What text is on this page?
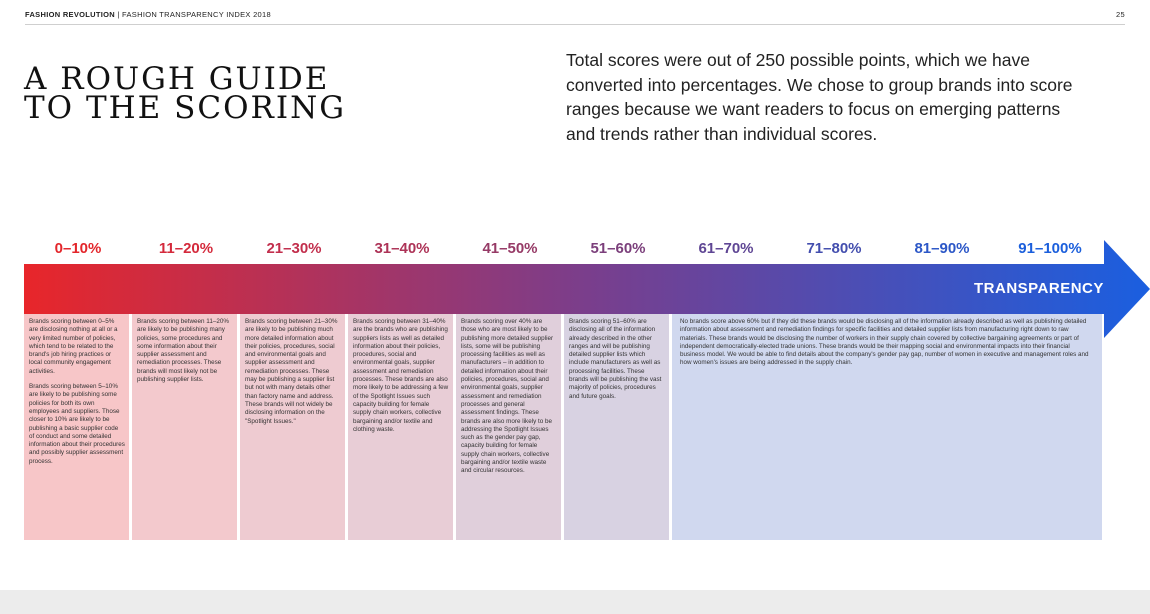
FASHION REVOLUTION | FASHION TRANSPARENCY INDEX 2018	25
A ROUGH GUIDE
TO THE SCORING
Total scores were out of 250 possible points, which we have converted into percentages. We chose to group brands into score ranges because we want readers to focus on emerging patterns and trends rather than individual scores.
0–10%	11–20%	21–30%	31–40%	41–50%	51–60%	61–70%	71–80%	81–90%	91–100%
TRANSPARENCY

Brands scoring between 0–5% are disclosing nothing at all or a very limited number of policies, which tend to be related to the brand's job hiring practices or local community engagement activities.

Brands scoring between 5–10% are likely to be publishing some policies for both its own employees and suppliers. Those closer to 10% are likely to be publishing a basic supplier code of conduct and some detailed information about their procedures and possibly supplier assessment process.

Brands scoring between 11–20% are likely to be publishing many policies, some procedures and some information about their supplier assessment and remediation processes. These brands will most likely not be publishing supplier lists.

Brands scoring between 21–30% are likely to be publishing much more detailed information about their policies, procedures, social and environmental goals and supplier assessment and remediation processes. These may be publishing a supplier list but not with many details other than factory name and address. These brands will not widely be disclosing information on the "Spotlight Issues."

Brands scoring between 31–40% are the brands who are publishing suppliers lists as well as detailed information about their policies, procedures, social and environmental goals, supplier assessment and remediation processes. These brands are also more likely to be addressing a few of the Spotlight Issues such capacity building for female supply chain workers, collective bargaining and/or textile and clothing waste.

Brands scoring over 40% are those who are most likely to be publishing more detailed supplier lists, some will be publishing processing facilities as well as manufacturers – in addition to detailed information about their policies, procedures, social and environmental goals, supplier assessment and remediation processes and general assessment findings. These brands are also more likely to be addressing the Spotlight Issues such as the gender pay gap, capacity building for female supply chain workers, collective bargaining and/or textile waste and circular resources.

Brands scoring 51–60% are disclosing all of the information already described in the other ranges and will be publishing detailed supplier lists which include manufacturers as well as processing facilities. These brands will be publishing the vast majority of policies, procedures and future goals.

No brands score above 60% but if they did these brands would be disclosing all of the information already described as well as publishing detailed information about assessment and remediation findings for specific facilities and detailed supplier lists from manufacturing right down to raw materials. These brands would be disclosing the number of workers in their supply chain covered by collective bargaining agreements or part of independent democratically-elected trade unions. These brands would be their mapping social and environmental impacts into their financial business model. We would be able to find details about the company's gender pay gap, number of women in executive and management roles and how women's issues are being addressed in the supply chain.
